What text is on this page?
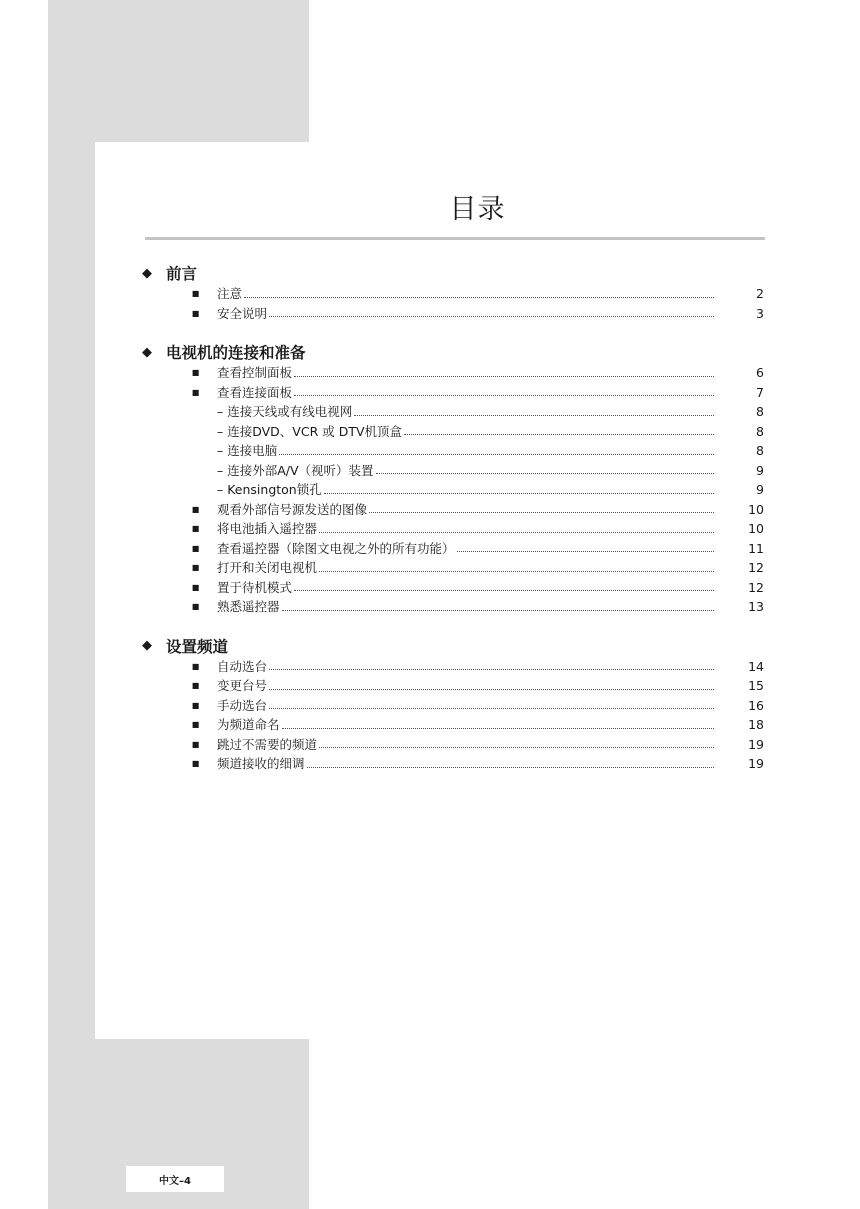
目录
◆ 前言
■ 注意	2
■ 安全说明	3
◆ 电视机的连接和准备
■ 查看控制面板	6
■ 查看连接面板	7
– 连接天线或有线电视网	8
– 连接DVD、VCR 或 DTV机顶盒	8
– 连接电脑	8
– 连接外部A/V（视听）装置	9
– Kensington锁孔	9
■ 观看外部信号源发送的图像	10
■ 将电池插入遥控器	10
■ 查看遥控器（除图文电视之外的所有功能）	11
■ 打开和关闭电视机	12
■ 置于待机模式	12
■ 熟悉遥控器	13
◆ 设置频道
■ 自动选台	14
■ 变更台号	15
■ 手动选台	16
■ 为频道命名	18
■ 跳过不需要的频道	19
■ 频道接收的细调	19
中文–4
